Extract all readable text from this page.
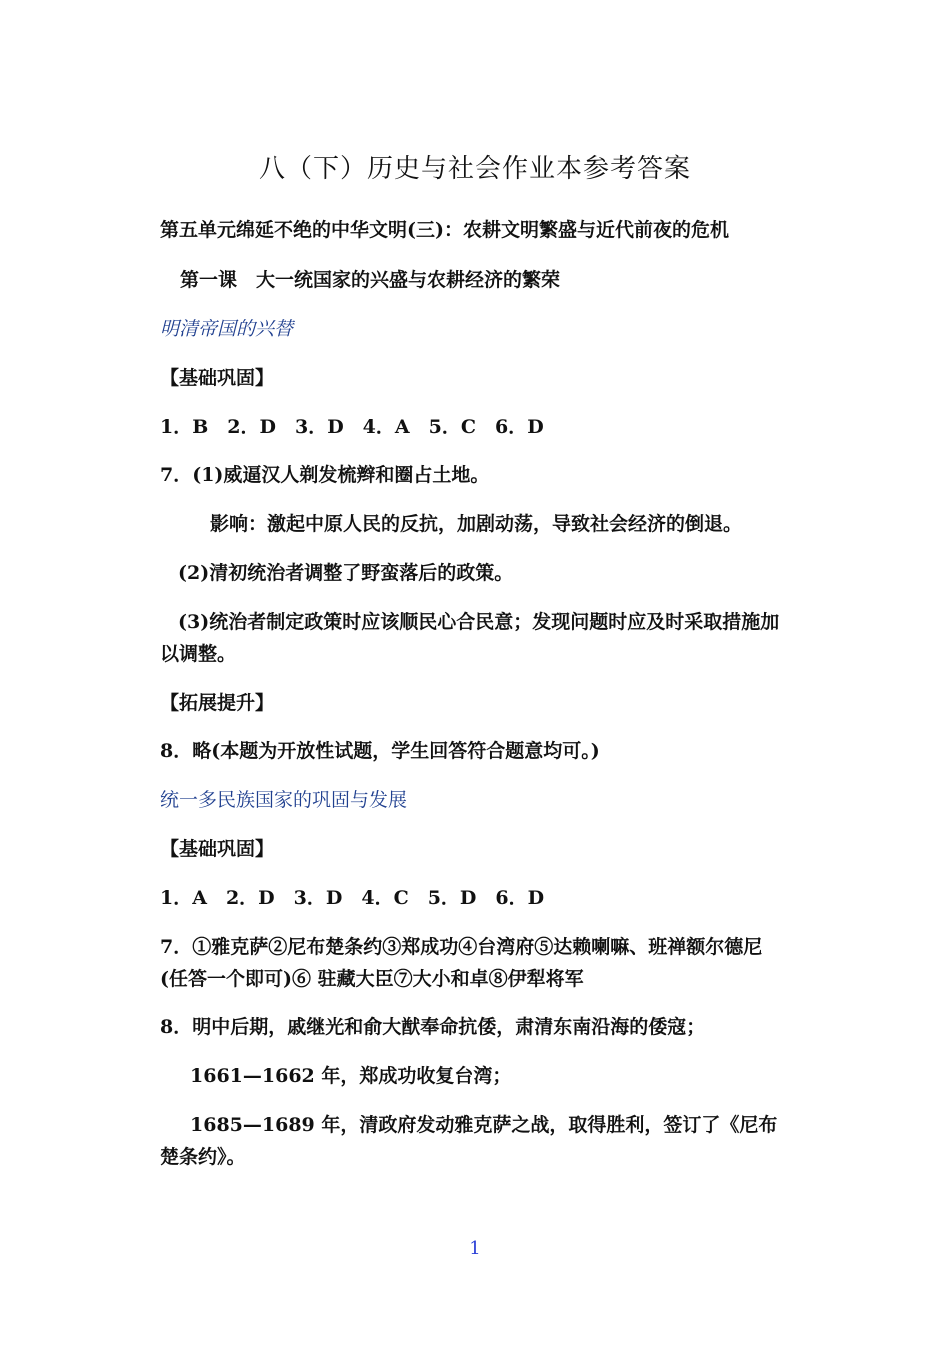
八（下）历史与社会作业本参考答案
第五单元绵延不绝的中华文明(三)：农耕文明繁盛与近代前夜的危机
第一课　大一统国家的兴盛与农耕经济的繁荣
明清帝国的兴替
【基础巩固】
1．B　2．D　3．D　4．A　5．C　6．D
7．(1)威逼汉人剃发梳辫和圈占土地。
影响：激起中原人民的反抗，加剧动荡，导致社会经济的倒退。
(2)清初统治者调整了野蛮落后的政策。
(3)统治者制定政策时应该顺民心合民意；发现问题时应及时采取措施加以调整。
【拓展提升】
8．略(本题为开放性试题，学生回答符合题意均可。)
统一多民族国家的巩固与发展
【基础巩固】
1．A　2．D　3．D　4．C　5．D　6．D
7．①雅克萨②尼布楚条约③郑成功④台湾府⑤达赖喇嘛、班禅额尔德尼(任答一个即可)⑥ 驻藏大臣⑦大小和卓⑧伊犁将军
8．明中后期，戚继光和俞大猷奉命抗倭，肃清东南沿海的倭寇；
1661—1662 年，郑成功收复台湾；
1685—1689 年，清政府发动雅克萨之战，取得胜利，签订了《尼布楚条约》。
1
